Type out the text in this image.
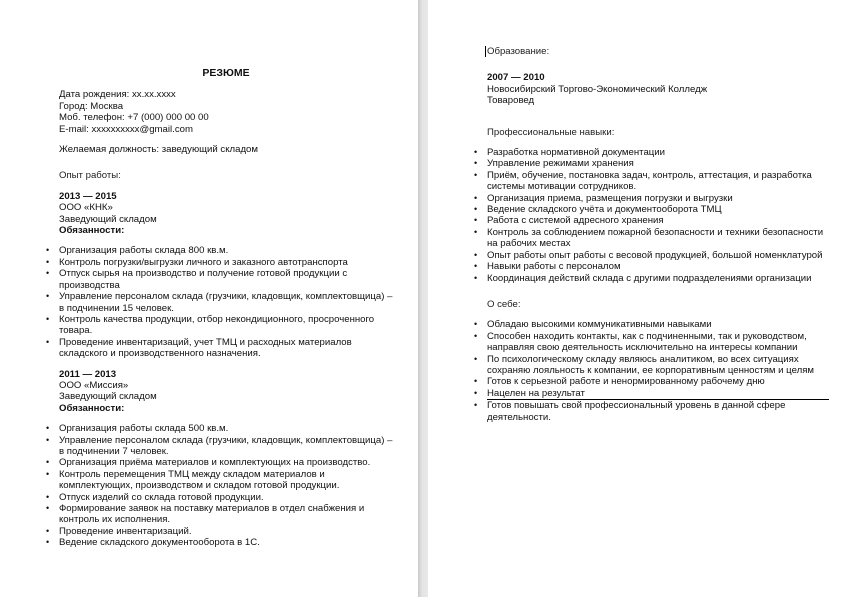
РЕЗЮМЕ
Дата рождения: xx.xx.xxxx
Город: Москва
Моб. телефон: +7 (000) 000 00 00
E-mail: xxxxxxxxxx@gmail.com
Желаемая должность: заведующий складом
Опыт работы:
2013 — 2015
ООО «КНК»
Заведующий складом
Обязанности:
• Организация работы склада 800 кв.м.
• Контроль погрузки/выгрузки личного и заказного автотранспорта
• Отпуск сырья на производство и получение готовой продукции с производства
• Управление персоналом склада (грузчики, кладовщик, комплектовщица) – в подчинении 15 человек.
• Контроль качества продукции, отбор некондиционного, просроченного товара.
• Проведение инвентаризаций, учет ТМЦ и расходных материалов складского и производственного назначения.
2011 — 2013
ООО «Миссия»
Заведующий складом
Обязанности:
• Организация работы склада 500 кв.м.
• Управление персоналом склада (грузчики, кладовщик, комплектовщица) – в подчинении 7 человек.
• Организация приёма материалов и комплектующих на производство.
• Контроль перемещения ТМЦ между складом материалов и комплектующих, производством и складом готовой продукции.
• Отпуск изделий со склада готовой продукции.
• Формирование заявок на поставку материалов в отдел снабжения и контроль их исполнения.
• Проведение инвентаризаций.
• Ведение складского документооборота в 1С.
Образование:
2007 — 2010
Новосибирский Торгово-Экономический Колледж
Товаровед
Профессиональные навыки:
• Разработка нормативной документации
• Управление режимами хранения
• Приём, обучение, постановка задач, контроль, аттестация, и разработка системы мотивации сотрудников.
• Организация приема, размещения погрузки и выгрузки
• Ведение складского учёта и документооборота ТМЦ
• Работа с системой адресного хранения
• Контроль за соблюдением пожарной безопасности и техники безопасности на рабочих местах
• Опыт работы опыт работы с весовой продукцией, большой номенклатурой
• Навыки работы с персоналом
• Координация действий склада с другими подразделениями организации
О себе:
• Обладаю высокими коммуникативными навыками
• Способен находить контакты, как с подчиненными, так и руководством, направляя свою деятельность исключительно на интересы компании
• По психологическому складу являюсь аналитиком, во всех ситуациях сохраняю лояльность к компании, ее корпоративным ценностям и целям
• Готов к серьезной работе и ненормированному рабочему дню
• Нацелен на результат
• Готов повышать свой профессиональный уровень в данной сфере деятельности.
